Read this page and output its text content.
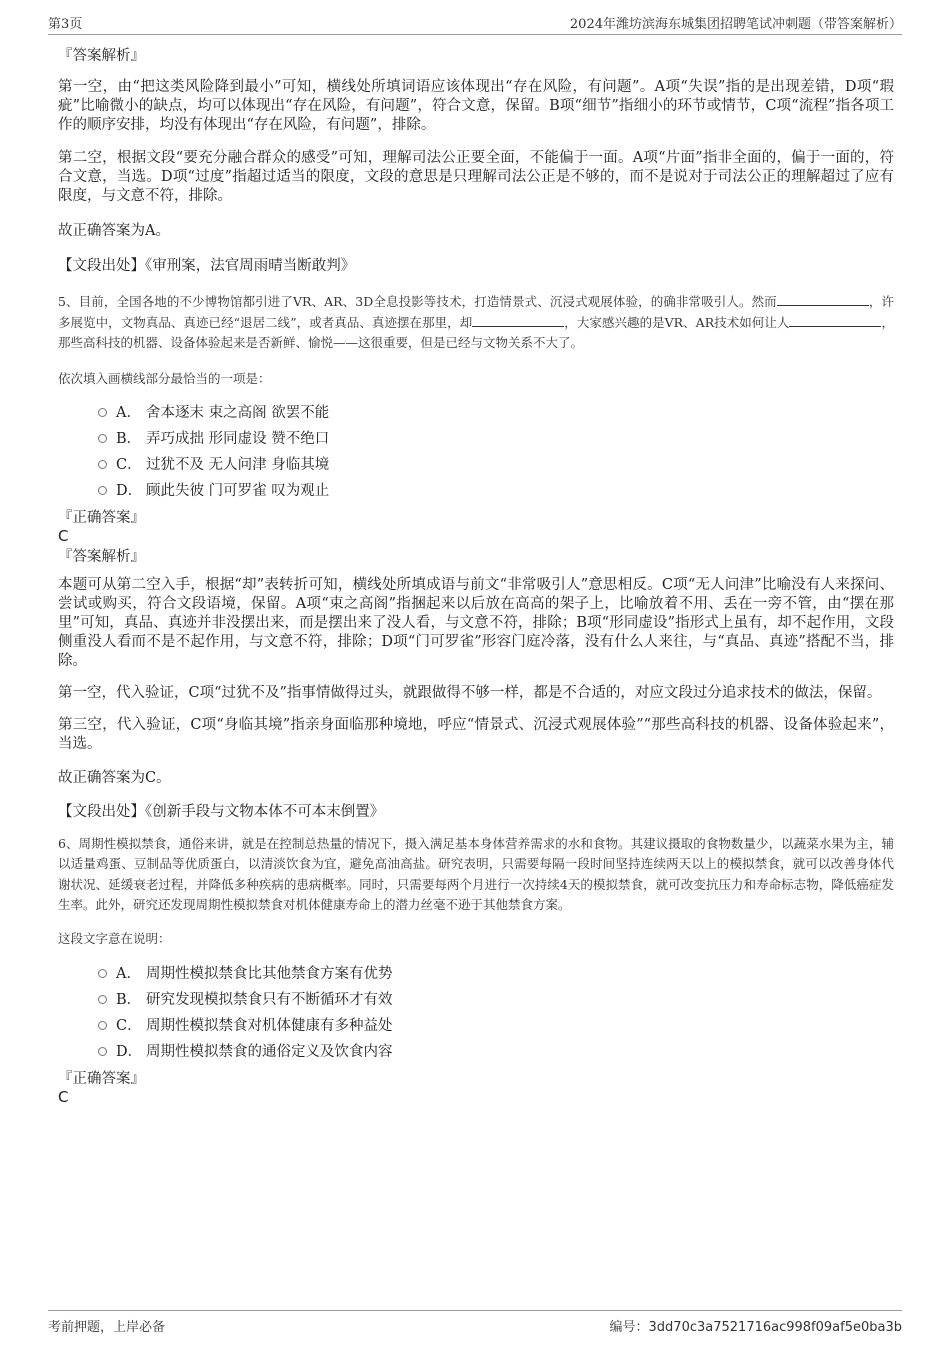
第3页	2024年潍坊滨海东城集团招聘笔试冲刺题（带答案解析）

『答案解析』

第一空，由“把这类风险降到最小”可知，横线处所填词语应该体现出“存在风险，有问题”。A项“失误”指的是出现差错，D项“瑕疵”比喻微小的缺点，均可以体现出“存在风险，有问题”，符合文意，保留。B项“细节”指细小的环节或情节，C项“流程”指各项工作的顺序安排，均没有体现出“存在风险，有问题”，排除。

第二空，根据文段“要充分融合群众的感受”可知，理解司法公正要全面，不能偏于一面。A项“片面”指非全面的，偏于一面的，符合文意，当选。D项“过度”指超过适当的限度，文段的意思是只理解司法公正是不够的，而不是说对于司法公正的理解超过了应有限度，与文意不符，排除。

故正确答案为A。

【文段出处】《审刑案，法官周雨晴当断敢判》

5、目前，全国各地的不少博物馆都引进了VR、AR、3D全息投影等技术，打造情景式、沉浸式观展体验，的确非常吸引人。然而	，许多展览中，文物真品、真迹已经“退居二线”，或者真品、真迹摆在那里，却	，大家感兴趣的是VR、AR技术如何让人	，那些高科技的机器、设备体验起来是否新鲜、愉悦——这很重要，但是已经与文物关系不大了。

依次填入画横线部分最恰当的一项是：

A． 舍本逐末 束之高阁 欲罢不能
B． 弄巧成拙 形同虚设 赞不绝口
C． 过犹不及 无人问津 身临其境
D． 顾此失彼 门可罗雀 叹为观止

『正确答案』

C

『答案解析』

本题可从第二空入手，根据“却”表转折可知，横线处所填成语与前文“非常吸引人”意思相反。C项“无人问津”比喻没有人来探问、尝试或购买，符合文段语境，保留。A项“束之高阁”指捆起来以后放在高高的架子上，比喻放着不用、丢在一旁不管，由“摆在那里”可知，真品、真迹并非没摆出来，而是摆出来了没人看，与文意不符，排除；B项“形同虚设”指形式上虽有，却不起作用，文段侧重没人看而不是不起作用，与文意不符，排除；D项“门可罗雀”形容门庭冷落，没有什么人来往，与“真品、真迹”搭配不当，排除。

第一空，代入验证，C项“过犹不及”指事情做得过头，就跟做得不够一样，都是不合适的，对应文段过分追求技术的做法，保留。

第三空，代入验证，C项“身临其境”指亲身面临那种境地，呼应“情景式、沉浸式观展体验”“那些高科技的机器、设备体验起来”，当选。

故正确答案为C。

【文段出处】《创新手段与文物本体不可本末倒置》

6、周期性模拟禁食，通俗来讲，就是在控制总热量的情况下，摄入满足基本身体营养需求的水和食物。其建议摄取的食物数量少，以蔬菜水果为主，辅以适量鸡蛋、豆制品等优质蛋白，以清淡饮食为宜，避免高油高盐。研究表明，只需要每隔一段时间坚持连续两天以上的模拟禁食，就可以改善身体代谢状况、延缓衰老过程，并降低多种疾病的患病概率。同时，只需要每两个月进行一次持续4天的模拟禁食，就可改变抗压力和寿命标志物，降低癌症发生率。此外，研究还发现周期性模拟禁食对机体健康寿命上的潜力丝毫不逊于其他禁食方案。

这段文字意在说明：

A． 周期性模拟禁食比其他禁食方案有优势
B． 研究发现模拟禁食只有不断循环才有效
C． 周期性模拟禁食对机体健康有多种益处
D． 周期性模拟禁食的通俗定义及饮食内容

『正确答案』

C

考前押题，上岸必备	编号：3dd70c3a7521716ac998f09af5e0ba3b
